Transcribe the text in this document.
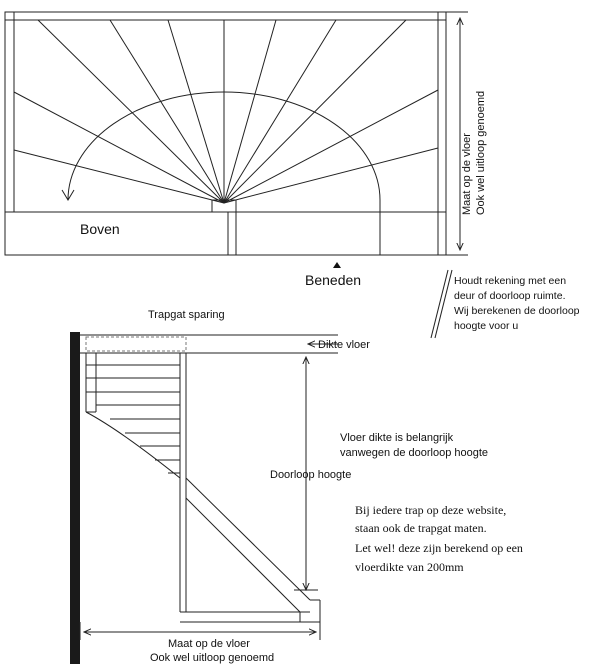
Boven
Beneden
Maat op de vloer Ook wel uitloop genoemd
Houdt rekening met een
deur of doorloop ruimte.
Wij berekenen de doorloop
hoogte voor u
Trapgat sparing
Dikte vloer
Doorloop hoogte
Vloer dikte is belangrijk
vanwegen de doorloop hoogte
Bij iedere trap op deze website,
staan ook de trapgat maten.
Let wel! deze zijn berekend op een
vloerdikte van 200mm
Maat op de vloer
Ook wel uitloop genoemd
